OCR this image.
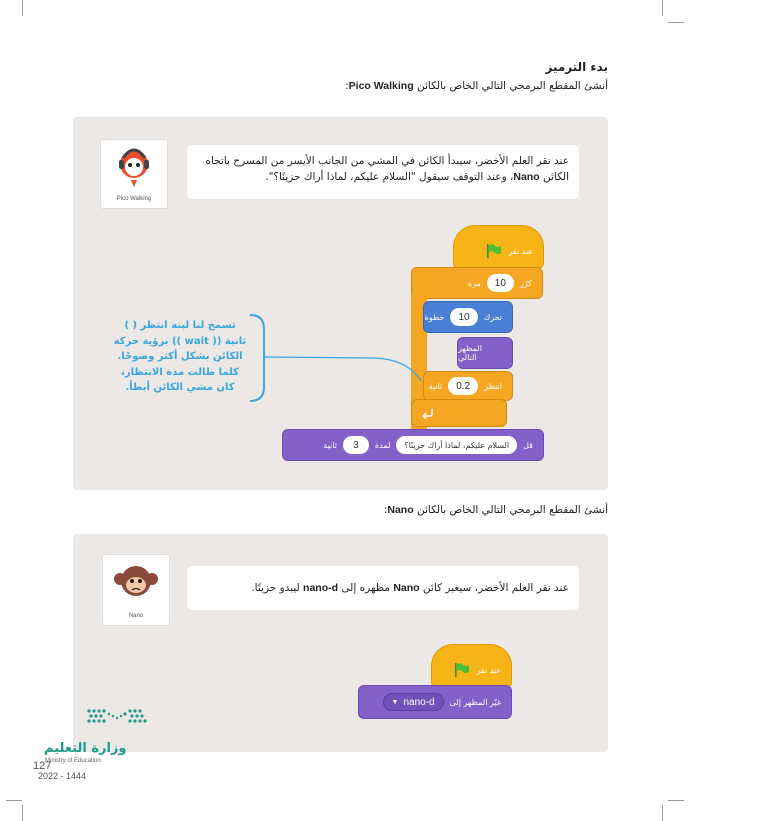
بدء الترميز
أنشئ المقطع البرمجي التالي الخاص بالكائن Pico Walking:
Pico Walking
عند نقر العلم الأخضر، سيبدأ الكائن في المشي من الجانب الأيسر من المسرح باتجاه
الكائن Nano، وعند التوقف سيقول "السلام عليكم، لماذا أراك حزينًا؟".
عند نقر
مرة	10	كرّر
خطوة	10	تحرك
المظهر التالي
ثانية	0.2	انتظر
ثانية	3	لمدة	السلام عليكم، لماذا أراك حزينًا؟	قل
تسمح لنا لبنة انتظر ( )
ثانية (( wait )) برؤية حركة
الكائن بشكل أكثر وضوحًا.
كلما طالت مدة الانتظار،
كان مشي الكائن أبطأ.
أنشئ المقطع البرمجي التالي الخاص بالكائن Nano:
Nano
عند نقر العلم الأخضر، سيغير كائن Nano مظهره إلى nano-d ليبدو حزينًا.
عند نقر
▼ nano-d غيّر المظهر إلى
وزارة التعليم
Ministry of Education
127
2022 - 1444
